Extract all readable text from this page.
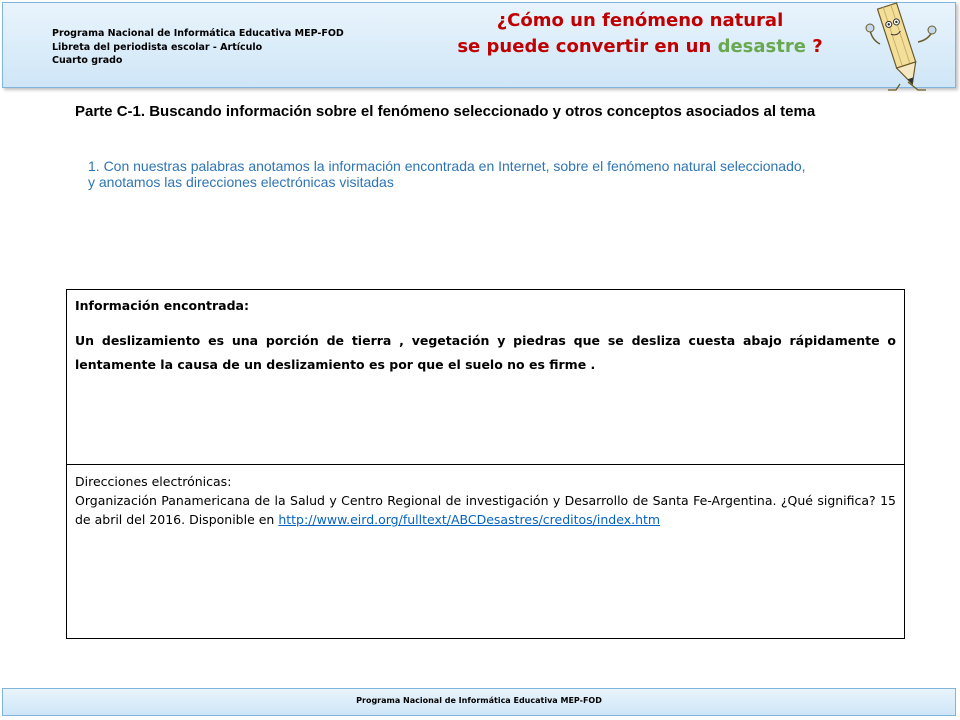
Programa Nacional de Informática Educativa MEP-FOD
Libreta del periodista escolar - Artículo
Cuarto grado
¿Cómo un fenómeno natural
se puede convertir en un desastre ?
Parte C-1. Buscando información sobre el fenómeno seleccionado y otros conceptos asociados al tema
1. Con nuestras palabras anotamos la información encontrada en Internet, sobre el fenómeno natural seleccionado,
y anotamos las direcciones electrónicas visitadas
Información encontrada:
Un deslizamiento es una porción de tierra , vegetación y piedras que se desliza cuesta abajo rápidamente o lentamente la causa de un deslizamiento es por que el suelo no es firme .
Direcciones electrónicas:
Organización Panamericana de la Salud y Centro Regional de investigación y Desarrollo de Santa Fe-Argentina. ¿Qué significa? 15 de abril del 2016. Disponible en http://www.eird.org/fulltext/ABCDesastres/creditos/index.htm
Programa Nacional de Informática Educativa MEP-FOD
